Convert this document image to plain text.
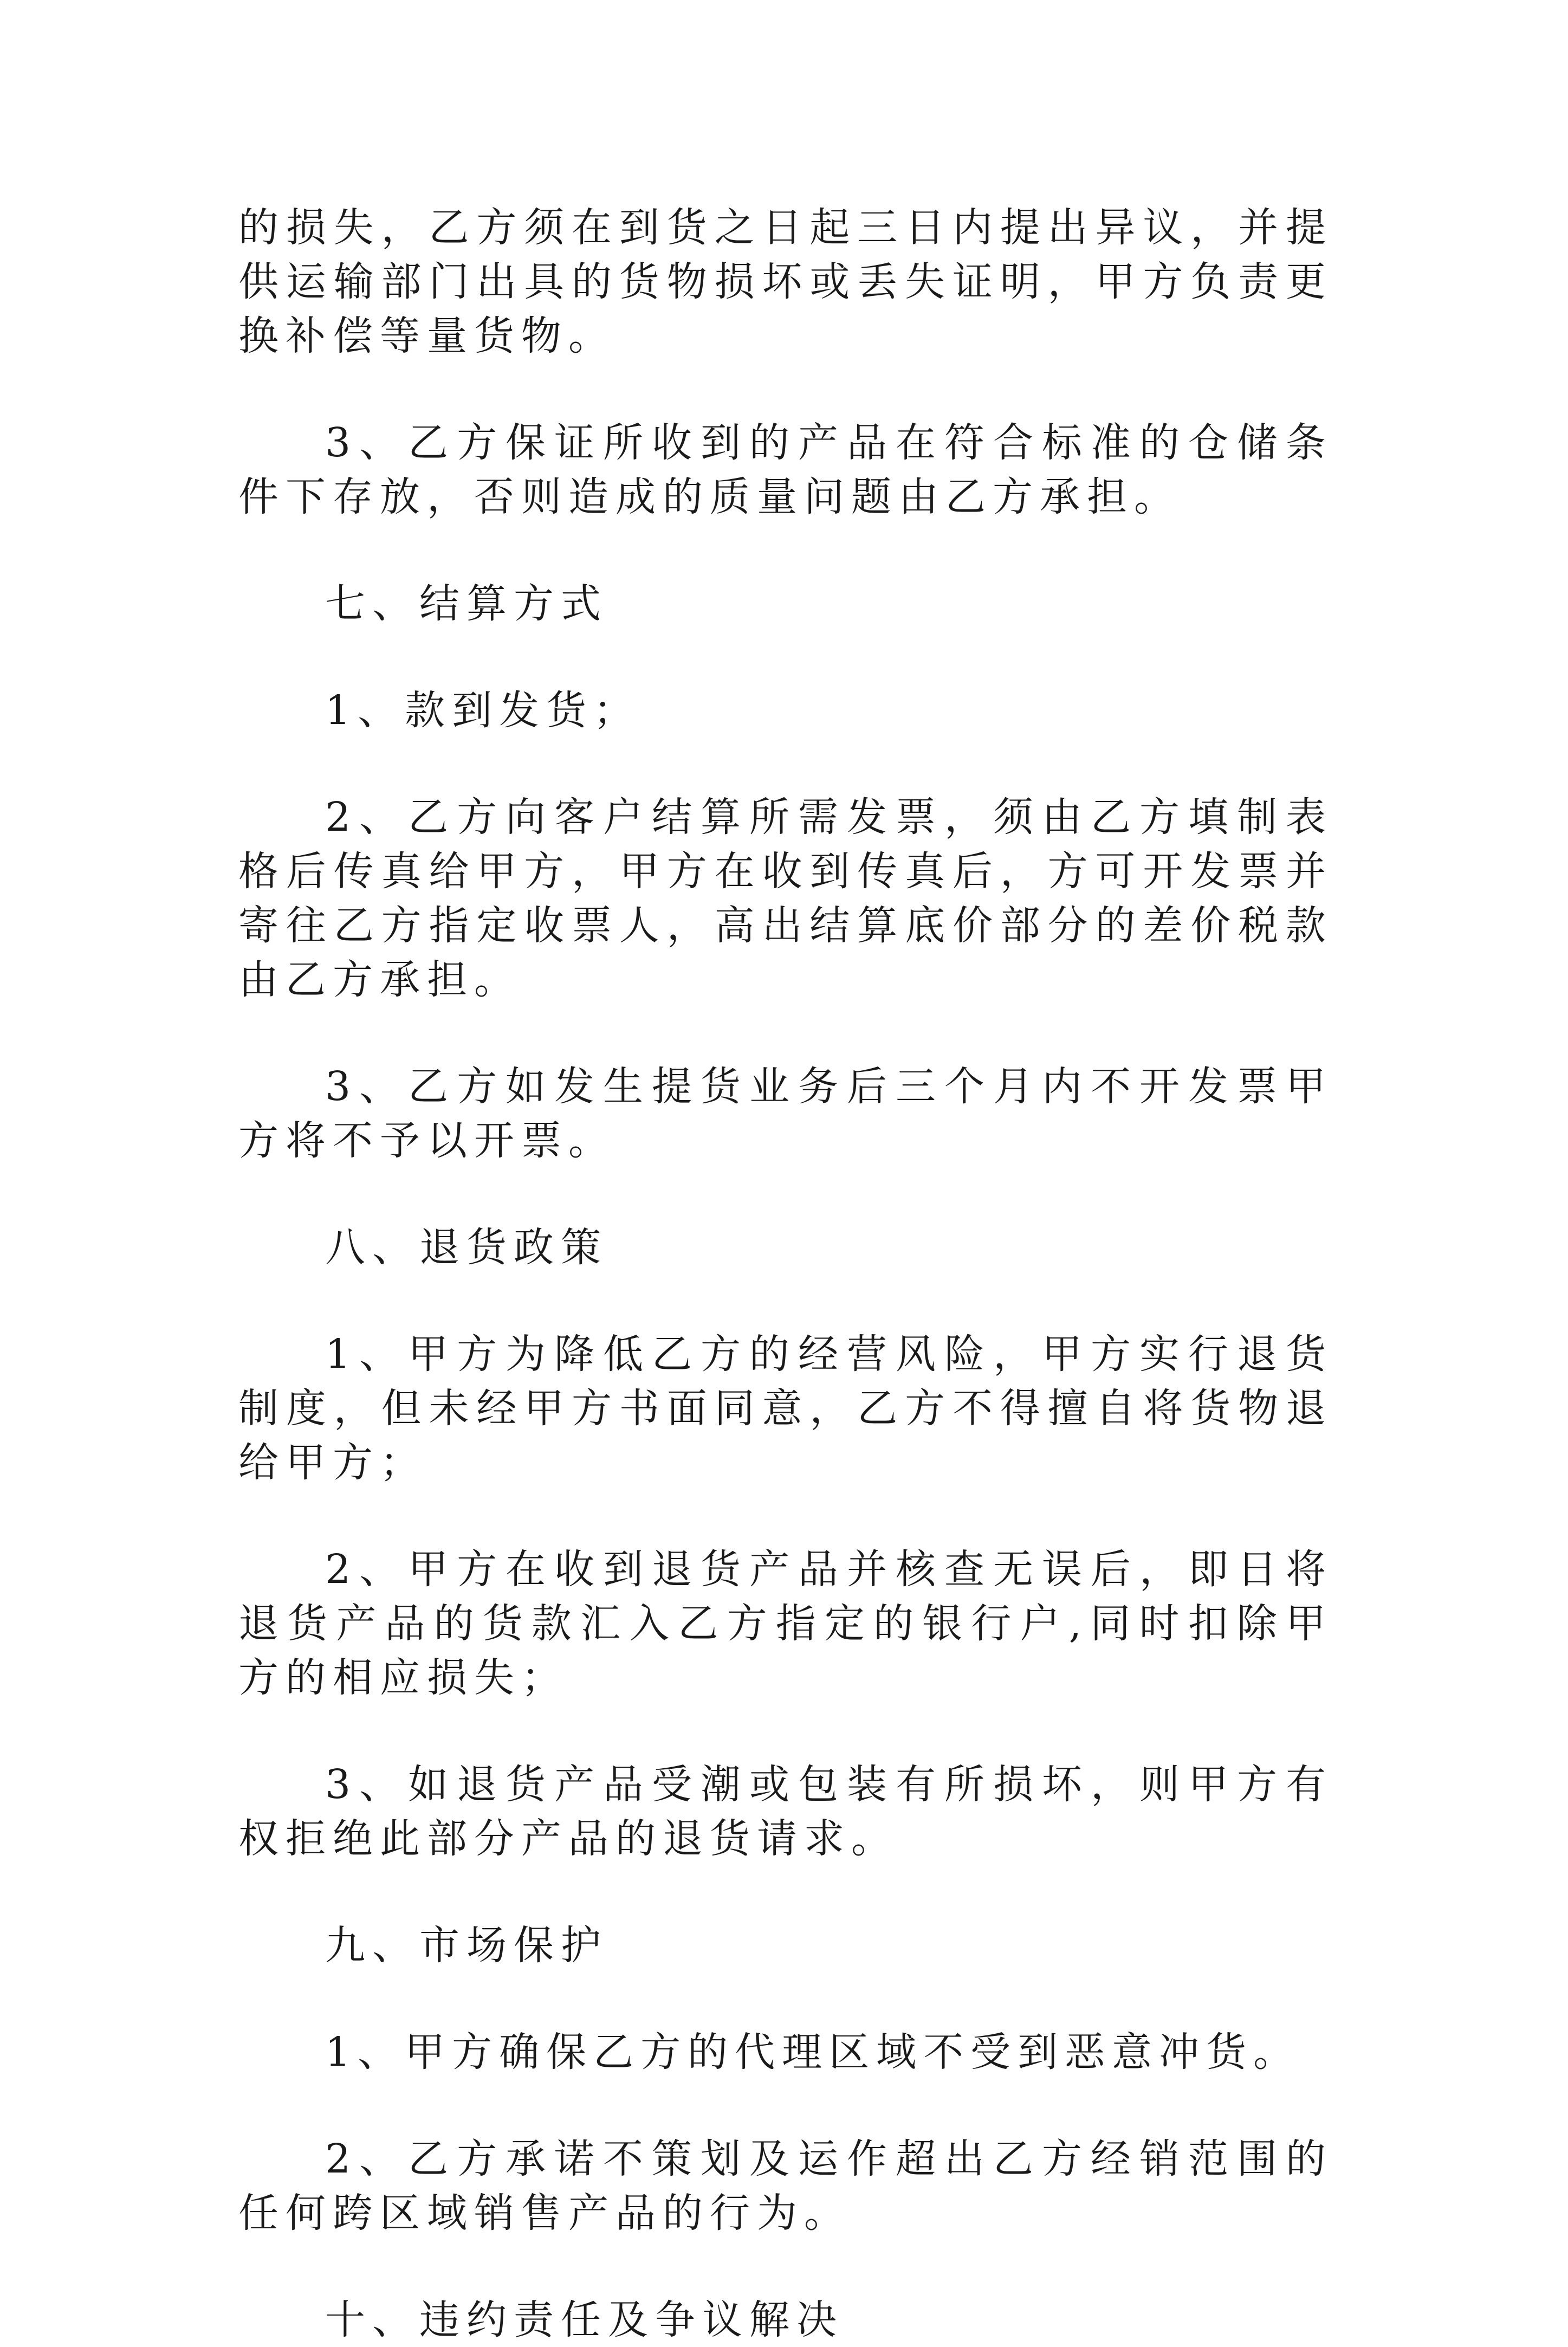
的损失，乙方须在到货之日起三日内提出异议，并提供运输部门出具的货物损坏或丢失证明，甲方负责更换补偿等量货物。

3、乙方保证所收到的产品在符合标准的仓储条件下存放，否则造成的质量问题由乙方承担。

七、结算方式

1、款到发货；

2、乙方向客户结算所需发票，须由乙方填制表格后传真给甲方，甲方在收到传真后，方可开发票并寄往乙方指定收票人，高出结算底价部分的差价税款由乙方承担。

3、乙方如发生提货业务后三个月内不开发票甲方将不予以开票。

八、退货政策

1、甲方为降低乙方的经营风险，甲方实行退货制度，但未经甲方书面同意，乙方不得擅自将货物退给甲方；

2、甲方在收到退货产品并核查无误后，即日将退货产品的货款汇入乙方指定的银行户,同时扣除甲方的相应损失；

3、如退货产品受潮或包装有所损坏，则甲方有权拒绝此部分产品的退货请求。

九、市场保护

1、甲方确保乙方的代理区域不受到恶意冲货。

2、乙方承诺不策划及运作超出乙方经销范围的任何跨区域销售产品的行为。

十、违约责任及争议解决
